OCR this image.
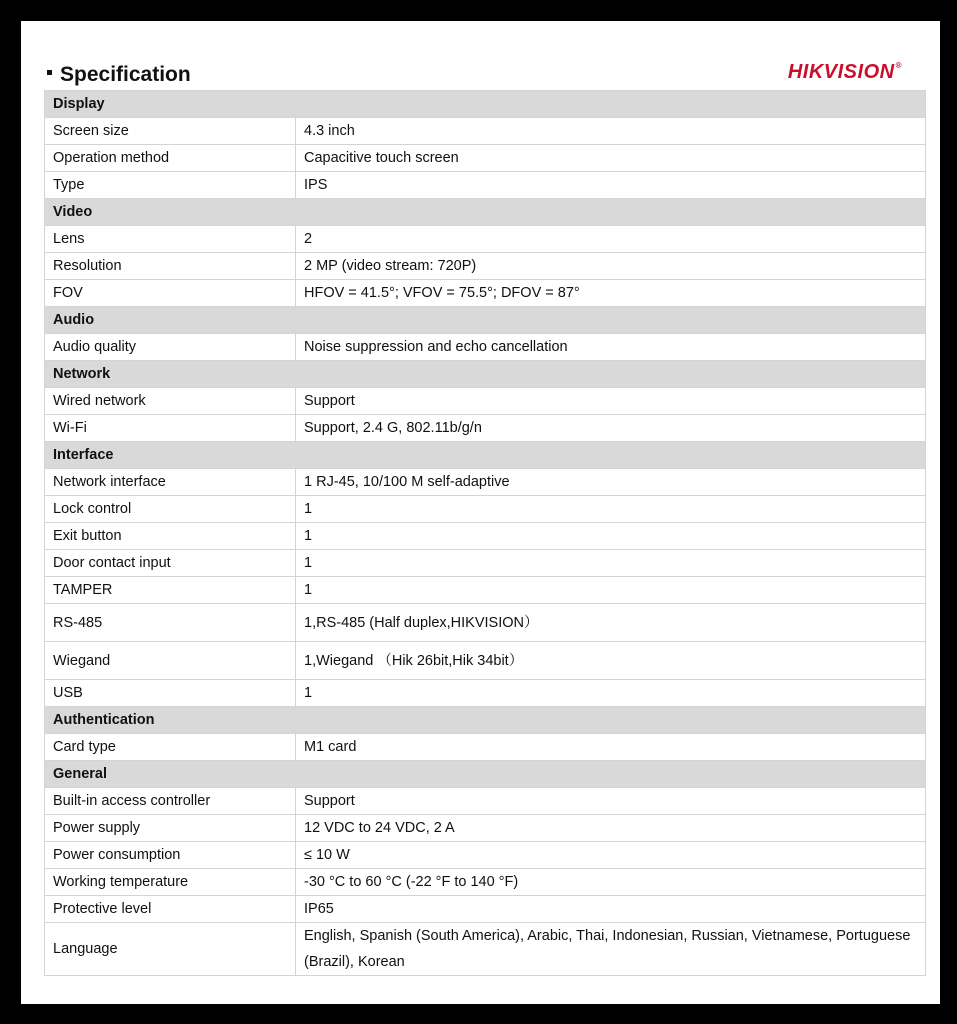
Specification	HIKVISION®
Display	
Screen size	4.3 inch
Operation method	Capacitive touch screen
Type	IPS
Video	
Lens	2
Resolution	2 MP (video stream: 720P)
FOV	HFOV = 41.5°; VFOV = 75.5°; DFOV = 87°
Audio	
Audio quality	Noise suppression and echo cancellation
Network	
Wired network	Support
Wi-Fi	Support, 2.4 G, 802.11b/g/n
Interface	
Network interface	1 RJ-45, 10/100 M self-adaptive
Lock control	1
Exit button	1
Door contact input	1
TAMPER	1
RS-485	1,RS-485 (Half duplex,HIKVISION）
Wiegand	1,Wiegand （Hik 26bit,Hik 34bit）
USB	1
Authentication	
Card type	M1 card
General	
Built-in access controller	Support
Power supply	12 VDC to 24 VDC, 2 A
Power consumption	≤ 10 W
Working temperature	-30 °C to 60 °C (-22 °F to 140 °F)
Protective level	IP65
Language	English, Spanish (South America), Arabic, Thai, Indonesian, Russian, Vietnamese, Portuguese (Brazil), Korean
